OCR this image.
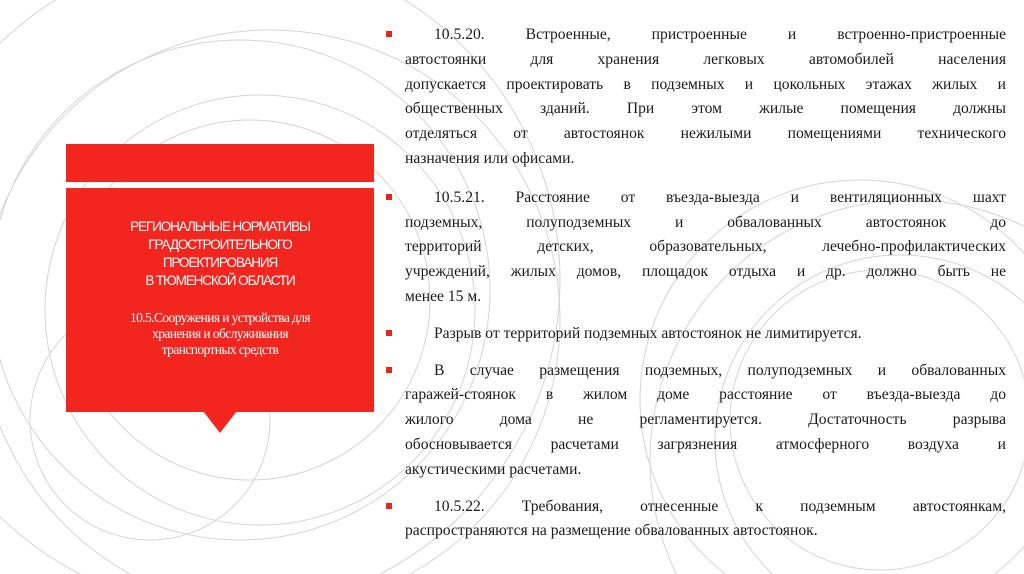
РЕГИОНАЛЬНЫЕ НОРМАТИВЫ
ГРАДОСТРОИТЕЛЬНОГО
ПРОЕКТИРОВАНИЯ
В ТЮМЕНСКОЙ ОБЛАСТИ
10.5.Сооружения и устройства для
хранения и обслуживания
транспортных средств
10.5.20. Встроенные, пристроенные и встроенно-пристроенные
автостоянки для хранения легковых автомобилей населения
допускается проектировать в подземных и цокольных этажах жилых и
общественных зданий. При этом жилые помещения должны
отделяться от автостоянок нежилыми помещениями технического
назначения или офисами.
10.5.21. Расстояние от въезда-выезда и вентиляционных шахт
подземных, полуподземных и обвалованных автостоянок до
территорий детских, образовательных, лечебно-профилактических
учреждений, жилых домов, площадок отдыха и др. должно быть не
менее 15 м.
Разрыв от территорий подземных автостоянок не лимитируется.
В случае размещения подземных, полуподземных и обвалованных
гаражей-стоянок в жилом доме расстояние от въезда-выезда до
жилого дома не регламентируется. Достаточность разрыва
обосновывается расчетами загрязнения атмосферного воздуха и
акустическими расчетами.
10.5.22. Требования, отнесенные к подземным автостоянкам,
распространяются на размещение обвалованных автостоянок.
